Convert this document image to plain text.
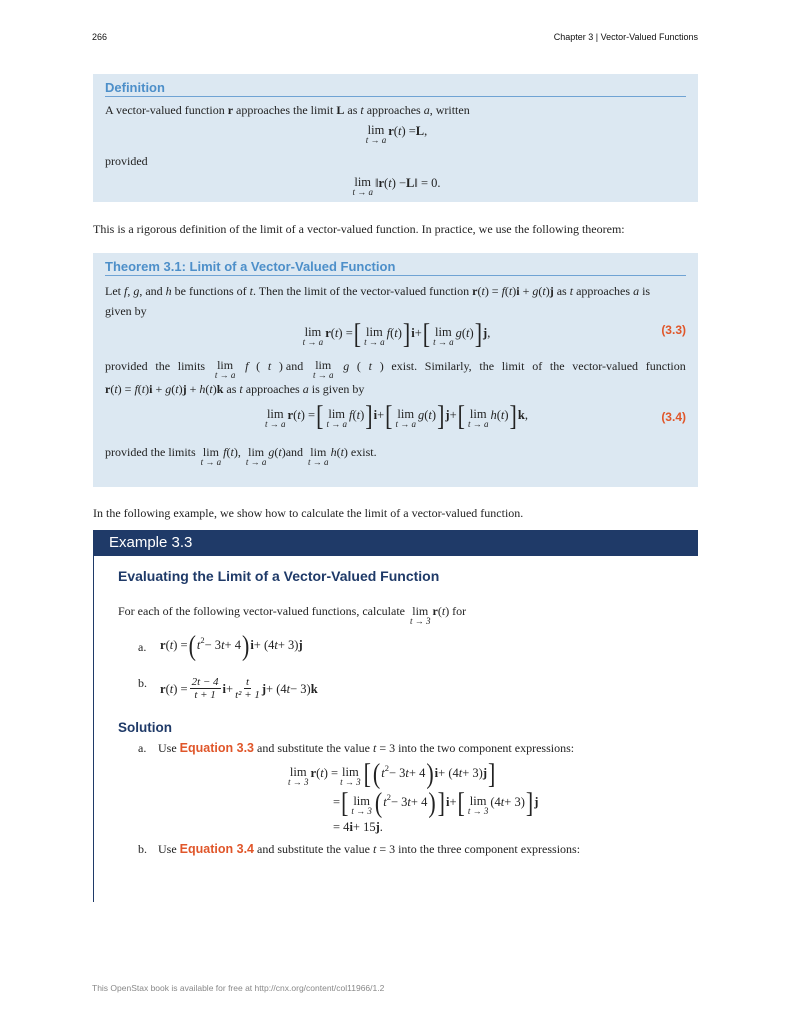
266	Chapter 3 | Vector-Valued Functions
Definition
A vector-valued function r approaches the limit L as t approaches a, written
lim
t → a
r ( t ) = L ,
provided
lim
t → a
‖ r ( t ) − L ‖ = 0.
This is a rigorous definition of the limit of a vector-valued function. In practice, we use the following theorem:
Theorem 3.1: Limit of a Vector-Valued Function
Let f, g, and h be functions of t. Then the limit of the vector-valued function r(t) = f(t)i + g(t)j as t approaches a is
given by
lim
t → a
r ( t ) = [ lim
t → a
f ( t ) ] i + [ lim
t → a
g ( t ) ] j ,	(3.3)
provided the limits lim
t → a
f ( t ) and lim
t → a
g ( t ) exist. Similarly, the limit of the vector-valued function
r(t) = f(t)i + g(t)j + h(t)k as t approaches a is given by
lim
t → a
r ( t ) = [ lim
t → a
f ( t ) ] i + [ lim
t → a
g ( t ) ] j + [ lim
t → a
h ( t ) ] k ,	(3.4)
provided the limits lim
t → a
f(t), lim
t → a
g(t)and lim
t → a
h(t) exist.
In the following example, we show how to calculate the limit of a vector-valued function.
Example 3.3
Evaluating the Limit of a Vector-Valued Function
For each of the following vector-valued functions, calculate lim
t → 3
r(t) for
a. r ( t ) = ( t 2 − 3 t + 4 ) i + (4 t + 3) j
b. r ( t ) = $\frac{2t - 4}{t + 1}$ $i + \frac{t}{\text{t² + 1}}$ j + (4 t − 3) k
Solution
a. Use Equation 3.3 and substitute the value t = 3 into the two component expressions:
lim
t → 3
r ( t ) = lim
t → 3 [ ( t 2 − 3 t + 4 ) i + (4 t + 3) j ]
= [ lim
t → 3 ( t 2 − 3 t + 4 ) ] i + [ lim
t → 3
(4 t + 3) ] j
= 4 i + 15 j .
b. Use Equation 3.4 and substitute the value t = 3 into the three component expressions:
This OpenStax book is available for free at http://cnx.org/content/col11966/1.2
